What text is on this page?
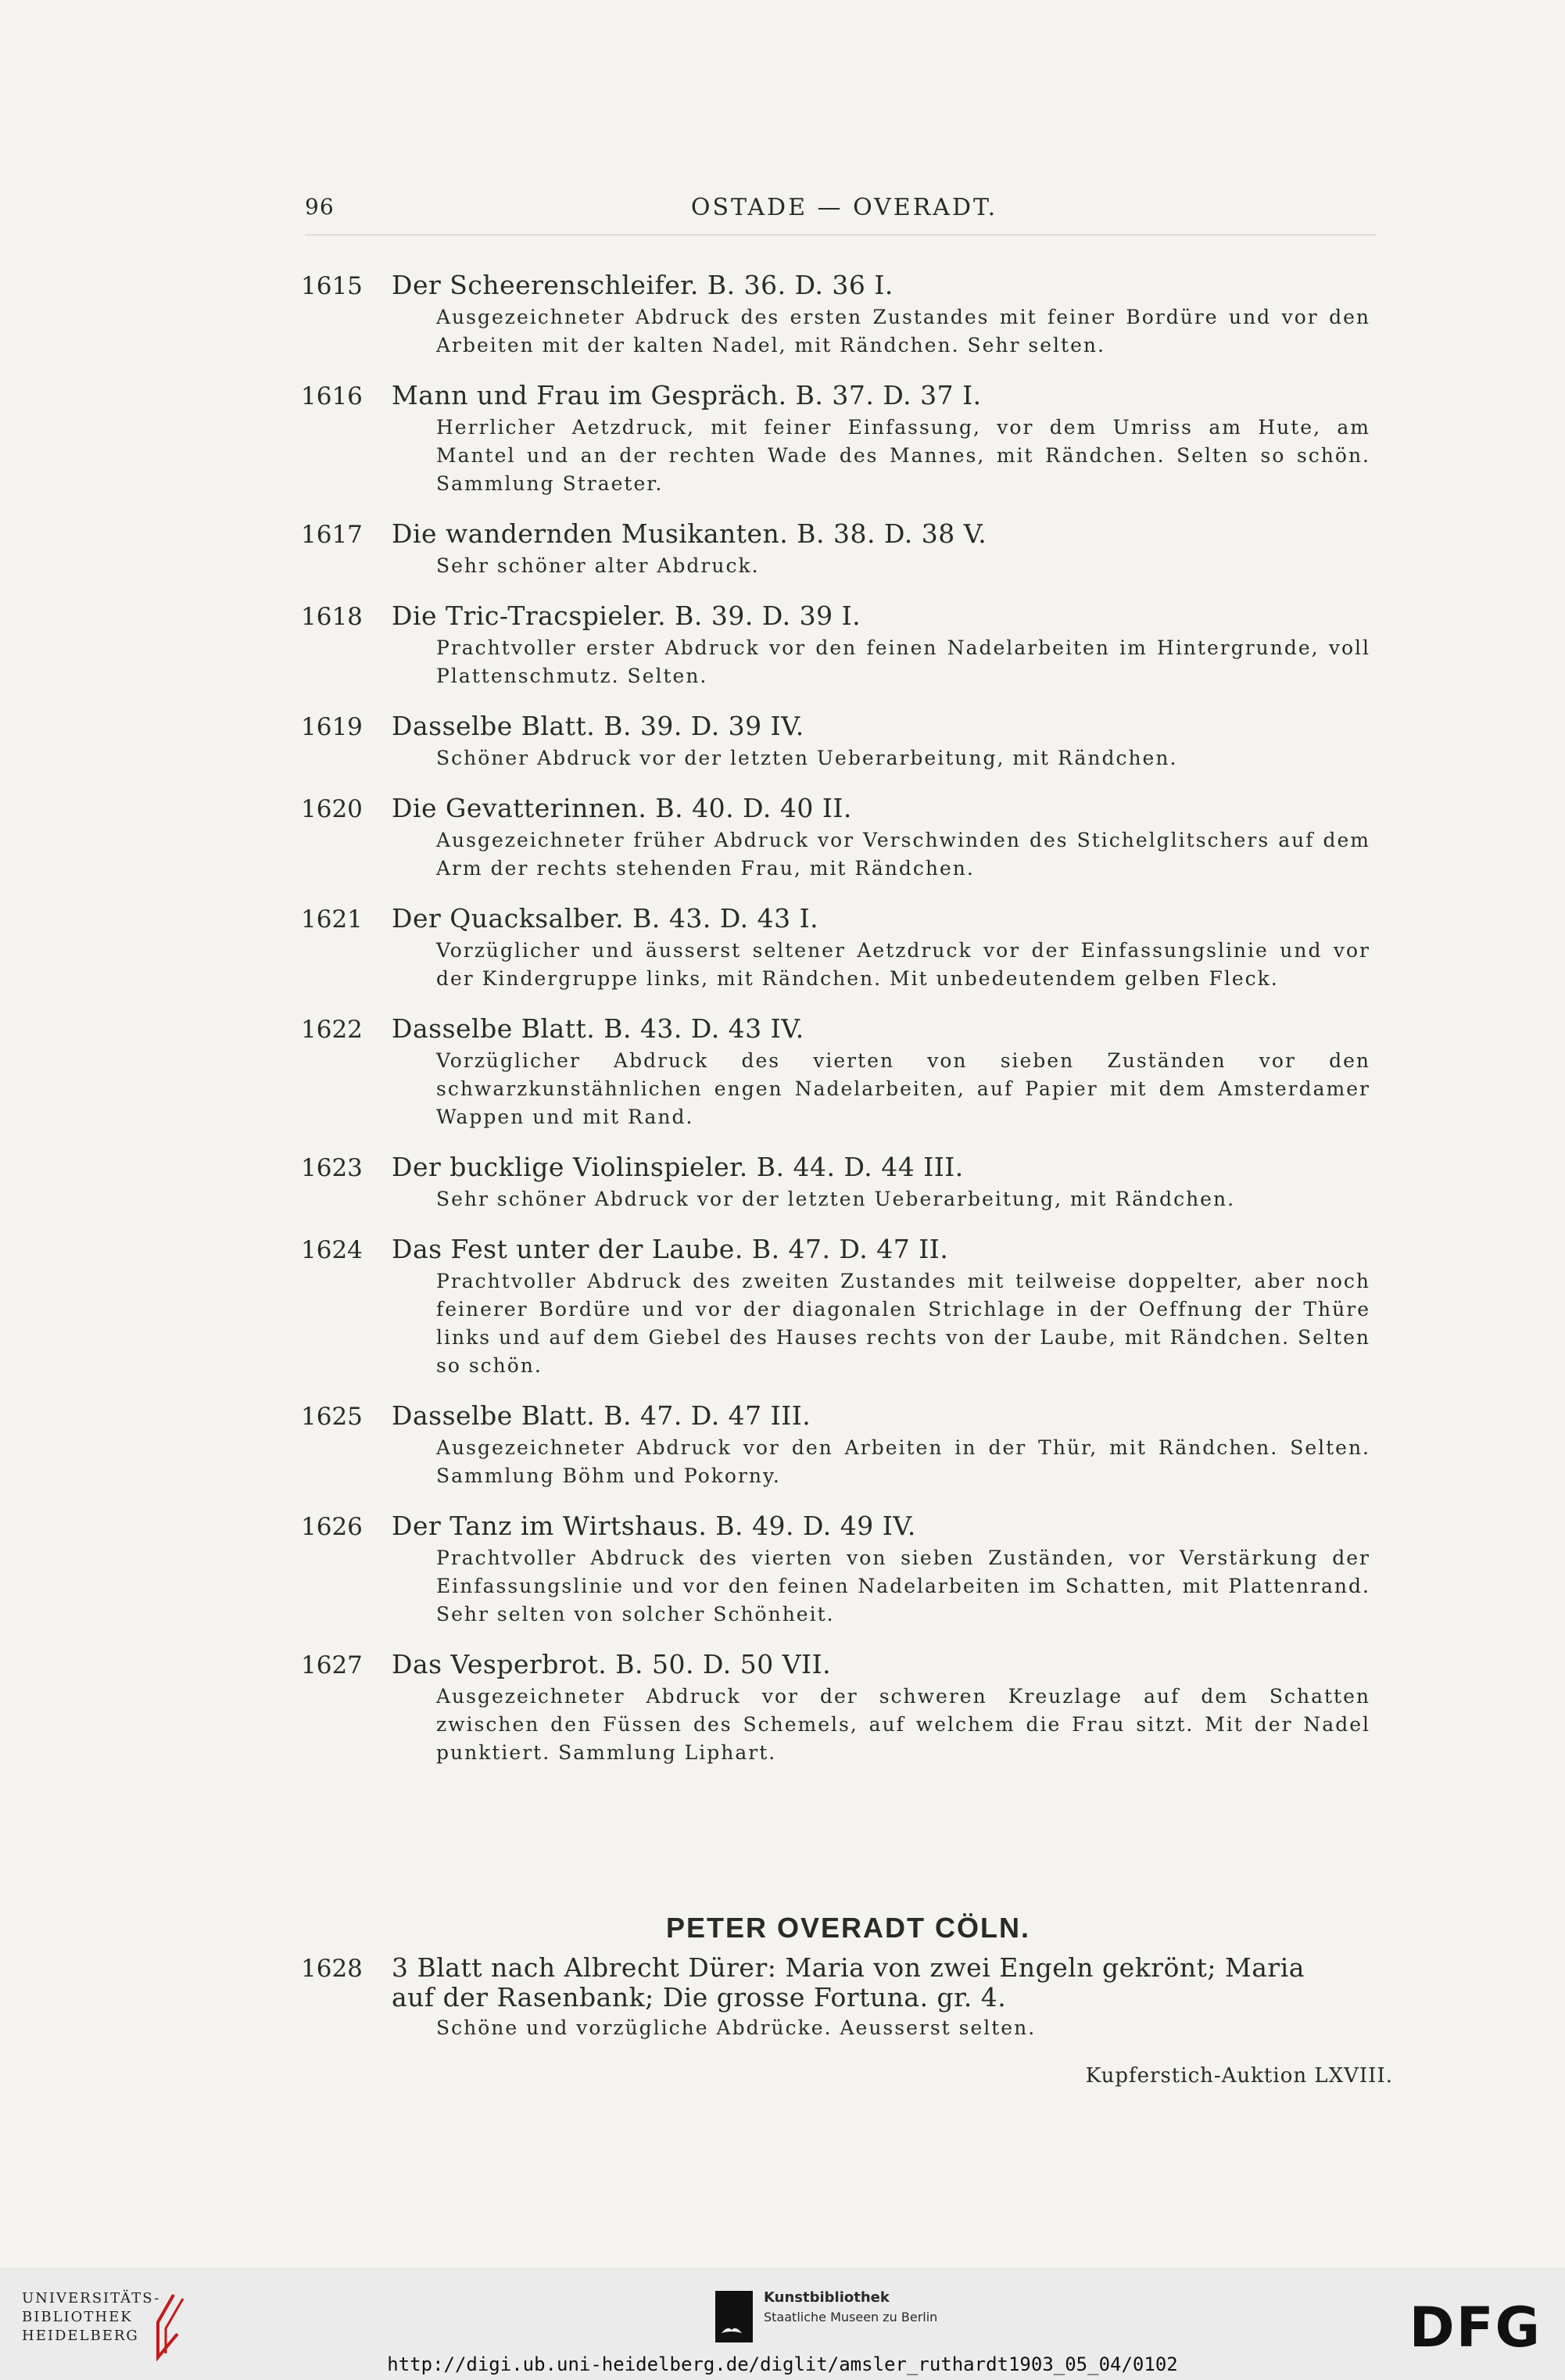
96	OSTADE — OVERADT.
1615	Der Scheerenschleifer. B. 36. D. 36 I.
Ausgezeichneter Abdruck des ersten Zustandes mit feiner Bordüre und vor den Arbeiten mit der kalten Nadel, mit Rändchen. Sehr selten.
1616	Mann und Frau im Gespräch. B. 37. D. 37 I.
Herrlicher Aetzdruck, mit feiner Einfassung, vor dem Umriss am Hute, am Mantel und an der rechten Wade des Mannes, mit Rändchen. Selten so schön. Sammlung Straeter.
1617	Die wandernden Musikanten. B. 38. D. 38 V.
Sehr schöner alter Abdruck.
1618	Die Tric-Tracspieler. B. 39. D. 39 I.
Prachtvoller erster Abdruck vor den feinen Nadelarbeiten im Hintergrunde, voll Plattenschmutz. Selten.
1619	Dasselbe Blatt. B. 39. D. 39 IV.
Schöner Abdruck vor der letzten Ueberarbeitung, mit Rändchen.
1620	Die Gevatterinnen. B. 40. D. 40 II.
Ausgezeichneter früher Abdruck vor Verschwinden des Stichelglitschers auf dem Arm der rechts stehenden Frau, mit Rändchen.
1621	Der Quacksalber. B. 43. D. 43 I.
Vorzüglicher und äusserst seltener Aetzdruck vor der Einfassungslinie und vor der Kindergruppe links, mit Rändchen. Mit unbedeutendem gelben Fleck.
1622	Dasselbe Blatt. B. 43. D. 43 IV.
Vorzüglicher Abdruck des vierten von sieben Zuständen vor den schwarzkunstähnlichen engen Nadelarbeiten, auf Papier mit dem Amsterdamer Wappen und mit Rand.
1623	Der bucklige Violinspieler. B. 44. D. 44 III.
Sehr schöner Abdruck vor der letzten Ueberarbeitung, mit Rändchen.
1624	Das Fest unter der Laube. B. 47. D. 47 II.
Prachtvoller Abdruck des zweiten Zustandes mit teilweise doppelter, aber noch feinerer Bordüre und vor der diagonalen Strichlage in der Oeffnung der Thüre links und auf dem Giebel des Hauses rechts von der Laube, mit Rändchen. Selten so schön.
1625	Dasselbe Blatt. B. 47. D. 47 III.
Ausgezeichneter Abdruck vor den Arbeiten in der Thür, mit Rändchen. Selten. Sammlung Böhm und Pokorny.
1626	Der Tanz im Wirtshaus. B. 49. D. 49 IV.
Prachtvoller Abdruck des vierten von sieben Zuständen, vor Verstärkung der Einfassungslinie und vor den feinen Nadelarbeiten im Schatten, mit Plattenrand. Sehr selten von solcher Schönheit.
1627	Das Vesperbrot. B. 50. D. 50 VII.
Ausgezeichneter Abdruck vor der schweren Kreuzlage auf dem Schatten zwischen den Füssen des Schemels, auf welchem die Frau sitzt. Mit der Nadel punktiert. Sammlung Liphart.
PETER OVERADT CÖLN.
1628	3 Blatt nach Albrecht Dürer: Maria von zwei Engeln gekrönt; Maria auf der Rasenbank; Die grosse Fortuna. gr. 4.
Schöne und vorzügliche Abdrücke. Aeusserst selten.
Kupferstich-Auktion LXVIII.
UNIVERSITÄTS-
BIBLIOTHEK
HEIDELBERG
Kunstbibliothek
Staatliche Museen zu Berlin	DFG
http://digi.ub.uni-heidelberg.de/diglit/amsler_ruthardt1903_05_04/0102
